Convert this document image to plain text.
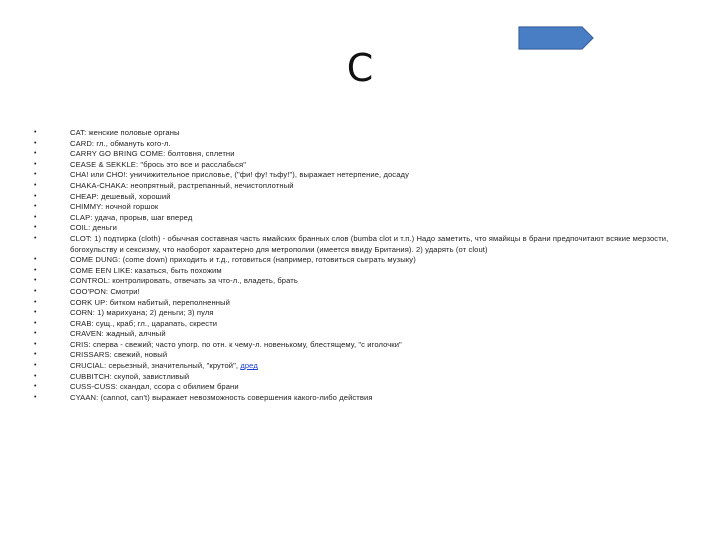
C
•	CAT: женские половые органы
•	CARD: гл., обмануть кого-л.
•	CARRY GO BRING COME: болтовня, сплетни
•	CEASE & SEKKLE: "брось это все и расслабься"
•	CHA! или CHO!: уничижительное присловье, ("фи! фу! тьфу!"), выражает нетерпение, досаду
•	CHAKA-CHAKA: неопрятный, растрепанный, нечистоплотный
•	CHEAP: дешевый, хороший
•	CHIMMY: ночной горшок
•	CLAP: удача, прорыв, шаг вперед
•	COIL: деньги
•	CLOT: 1) подтирка (cloth) - обычная составная часть ямайских бранных слов (bumba clot и т.п.) Надо заметить, что ямайкцы в брани предпочитают всякие мерзости, богохульству и сексизму, что наоборот характерно для метрополии (имеется ввиду Британия). 2) ударять (от clout)
•	COME DUNG: (come down) приходить и т.д., готовиться (например, готовиться сыграть музыку)
•	COME EEN LIKE: казаться, быть похожим
•	CONTROL: контролировать, отвечать за что-л., владеть, брать
•	COO'PON: Смотри!
•	CORK UP: битком набитый, переполненный
•	CORN: 1) марихуана; 2) деньги; 3) пуля
•	CRAB: сущ., краб; гл., царапать, скрести
•	CRAVEN: жадный, алчный
•	CRIS: сперва - свежий; часто упогр. по отн. к чему-л. новенькому, блестящему, "с иголочки"
•	CRISSARS: свежий, новый
•	CRUCIAL: серьезный, значительный, "крутой", дред
•	CUBBITCH: скупой, завистливый
•	CUSS-CUSS: скандал, ссора с обилием брани
•	CYAAN: (cannot, can't) выражает невозможность совершения какого-либо действия
